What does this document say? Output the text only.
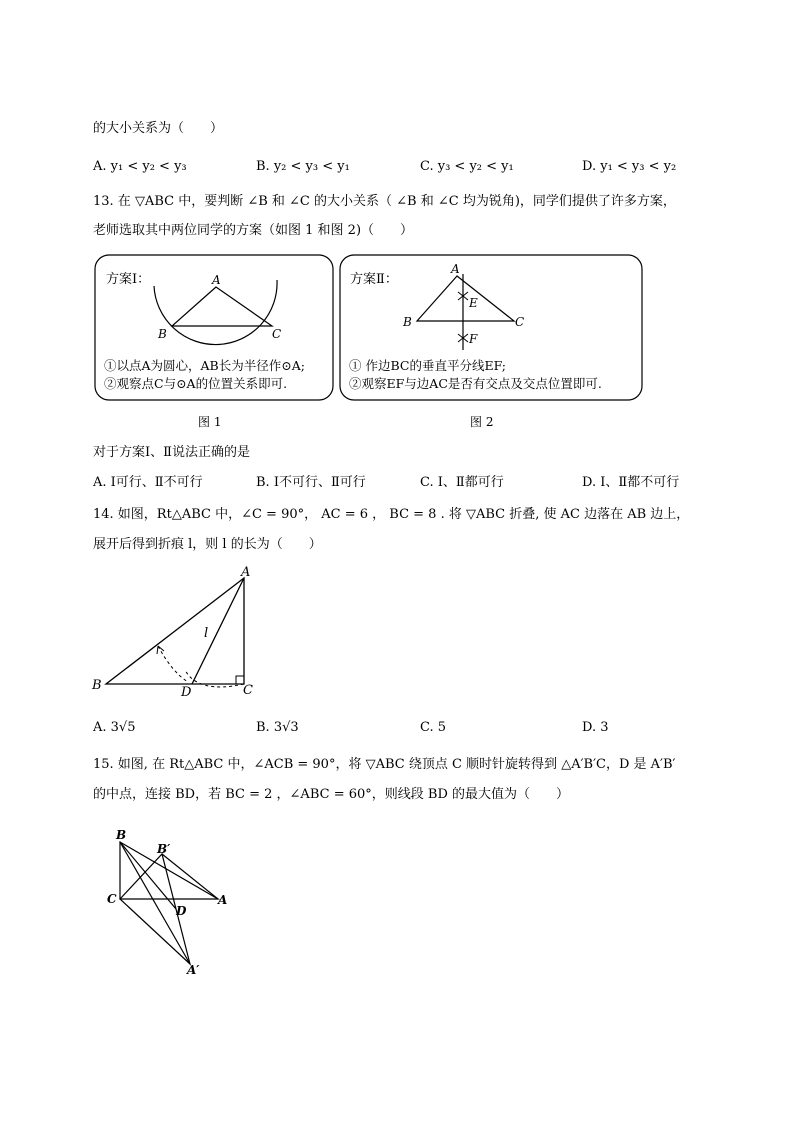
的大小关系为（　　）
A. y₁ < y₂ < y₃	B. y₂ < y₃ < y₁	C. y₃ < y₂ < y₁	D. y₁ < y₃ < y₂
13. 在 ▽ABC 中，要判断 ∠B 和 ∠C 的大小关系（ ∠B 和 ∠C 均为锐角)，同学们提供了许多方案，
老师选取其中两位同学的方案（如图 1 和图 2)（　　）
方案Ⅰ：	A
B	C
①以点A为圆心，AB长为半径作⊙A;
②观察点C与⊙A的位置关系即可.
方案Ⅱ：
A
B	C
E
F
① 作边BC的垂直平分线EF;
②观察EF与边AC是否有交点及交点位置即可.
图 1	图 2
对于方案Ⅰ、Ⅱ说法正确的是
A. Ⅰ可行、Ⅱ不可行	B. Ⅰ不可行、Ⅱ可行	C. Ⅰ、Ⅱ都可行	D. Ⅰ、Ⅱ都不可行
14. 如图，Rt△ABC 中，∠C = 90°， AC = 6 ， BC = 8 . 将 ▽ABC 折叠, 使 AC 边落在 AB 边上，
展开后得到折痕 l，则 l 的长为（　　）
A
B	C
D
l
A. 3√5	B. 3√3	C. 5	D. 3
15. 如图, 在 Rt△ABC 中，∠ACB = 90°，将 ▽ABC 绕顶点 C 顺时针旋转得到 △A′B′C，D 是 A′B′
的中点，连接 BD，若 BC = 2 ，∠ABC = 60°，则线段 BD 的最大值为（　　）
B
C	A
D
B′
A′
